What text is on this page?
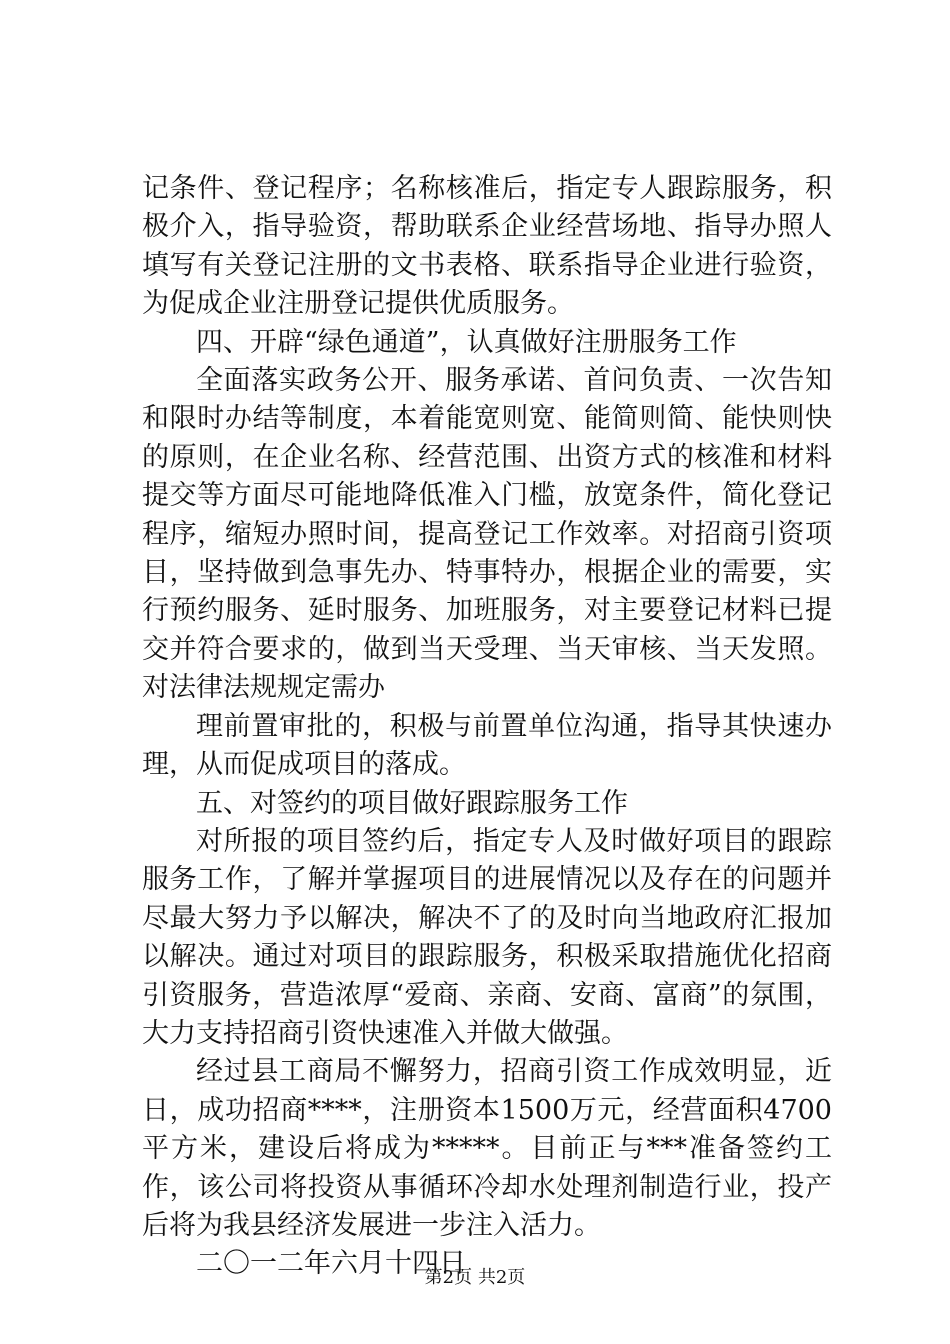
记条件、登记程序；名称核准后，指定专人跟踪服务，积极介入，指导验资，帮助联系企业经营场地、指导办照人填写有关登记注册的文书表格、联系指导企业进行验资，为促成企业注册登记提供优质服务。

四、开辟“绿色通道”，认真做好注册服务工作

全面落实政务公开、服务承诺、首问负责、一次告知和限时办结等制度，本着能宽则宽、能简则简、能快则快的原则，在企业名称、经营范围、出资方式的核准和材料提交等方面尽可能地降低准入门槛，放宽条件，简化登记程序，缩短办照时间，提高登记工作效率。对招商引资项目，坚持做到急事先办、特事特办，根据企业的需要，实行预约服务、延时服务、加班服务，对主要登记材料已提交并符合要求的，做到当天受理、当天审核、当天发照。对法律法规规定需办

理前置审批的，积极与前置单位沟通，指导其快速办理，从而促成项目的落成。

五、对签约的项目做好跟踪服务工作

对所报的项目签约后，指定专人及时做好项目的跟踪服务工作，了解并掌握项目的进展情况以及存在的问题并尽最大努力予以解决，解决不了的及时向当地政府汇报加以解决。通过对项目的跟踪服务，积极采取措施优化招商引资服务，营造浓厚“爱商、亲商、安商、富商”的氛围，大力支持招商引资快速准入并做大做强。

经过县工商局不懈努力，招商引资工作成效明显，近日，成功招商****，注册资本1500万元，经营面积4700平方米，建设后将成为*****。目前正与***准备签约工作，该公司将投资从事循环冷却水处理剂制造行业，投产后将为我县经济发展进一步注入活力。

二〇一二年六月十四日

第2页 共2页
